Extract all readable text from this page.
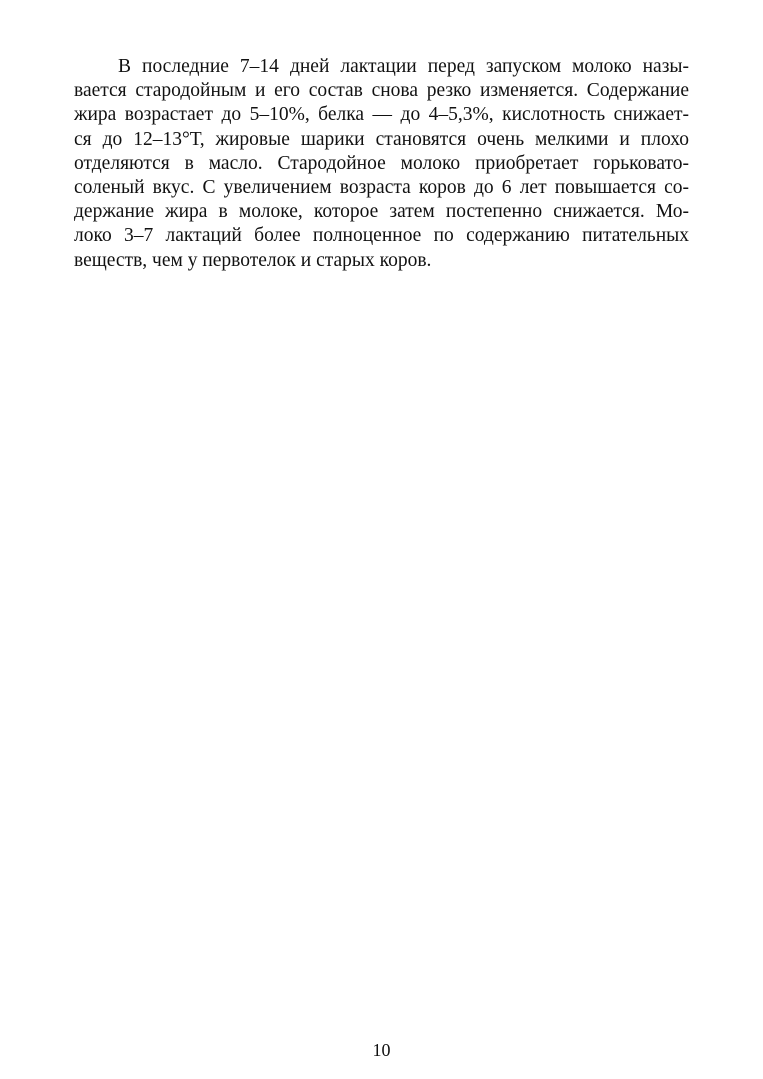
В последние 7–14 дней лактации перед запуском молоко назы-
вается стародойным и его состав снова резко изменяется. Содержание
жира возрастает до 5–10%, белка — до 4–5,3%, кислотность снижает-
ся до 12–13°Т, жировые шарики становятся очень мелкими и плохо
отделяются в масло. Стародойное молоко приобретает горьковато-
соленый вкус. С увеличением возраста коров до 6 лет повышается со-
держание жира в молоке, которое затем постепенно снижается. Мо-
локо 3–7 лактаций более полноценное по содержанию питательных
веществ, чем у первотелок и старых коров.
10
